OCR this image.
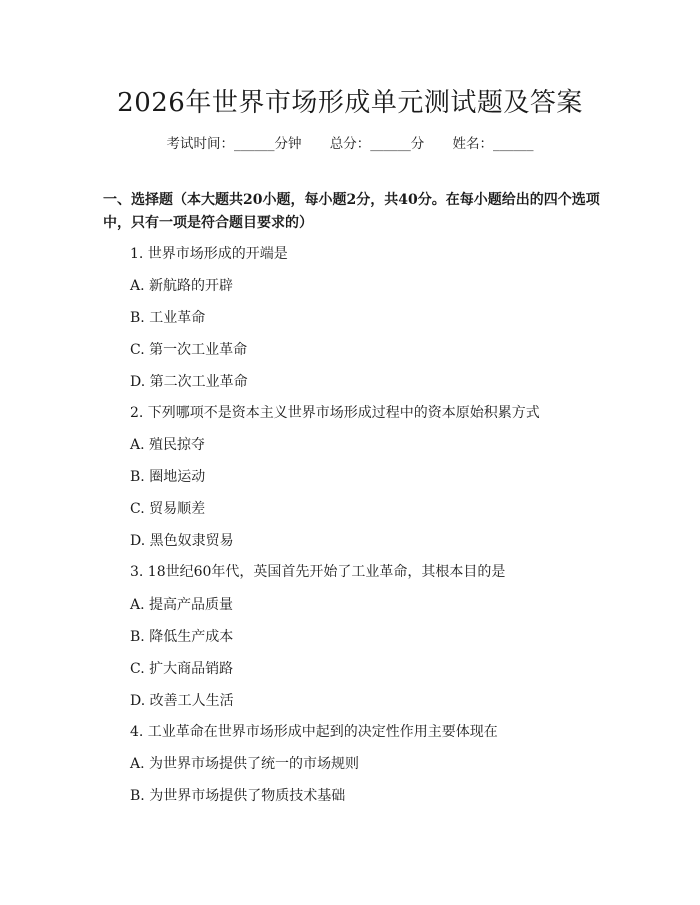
2026年世界市场形成单元测试题及答案
考试时间：______分钟 总分：______分 姓名：______

一、选择题（本大题共20小题，每小题2分，共40分。在每小题给出的四个选项中，只有一项是符合题目要求的）

1. 世界市场形成的开端是
A. 新航路的开辟
B. 工业革命
C. 第一次工业革命
D. 第二次工业革命
2. 下列哪项不是资本主义世界市场形成过程中的资本原始积累方式
A. 殖民掠夺
B. 圈地运动
C. 贸易顺差
D. 黑色奴隶贸易
3. 18世纪60年代，英国首先开始了工业革命，其根本目的是
A. 提高产品质量
B. 降低生产成本
C. 扩大商品销路
D. 改善工人生活
4. 工业革命在世界市场形成中起到的决定性作用主要体现在
A. 为世界市场提供了统一的市场规则
B. 为世界市场提供了物质技术基础
